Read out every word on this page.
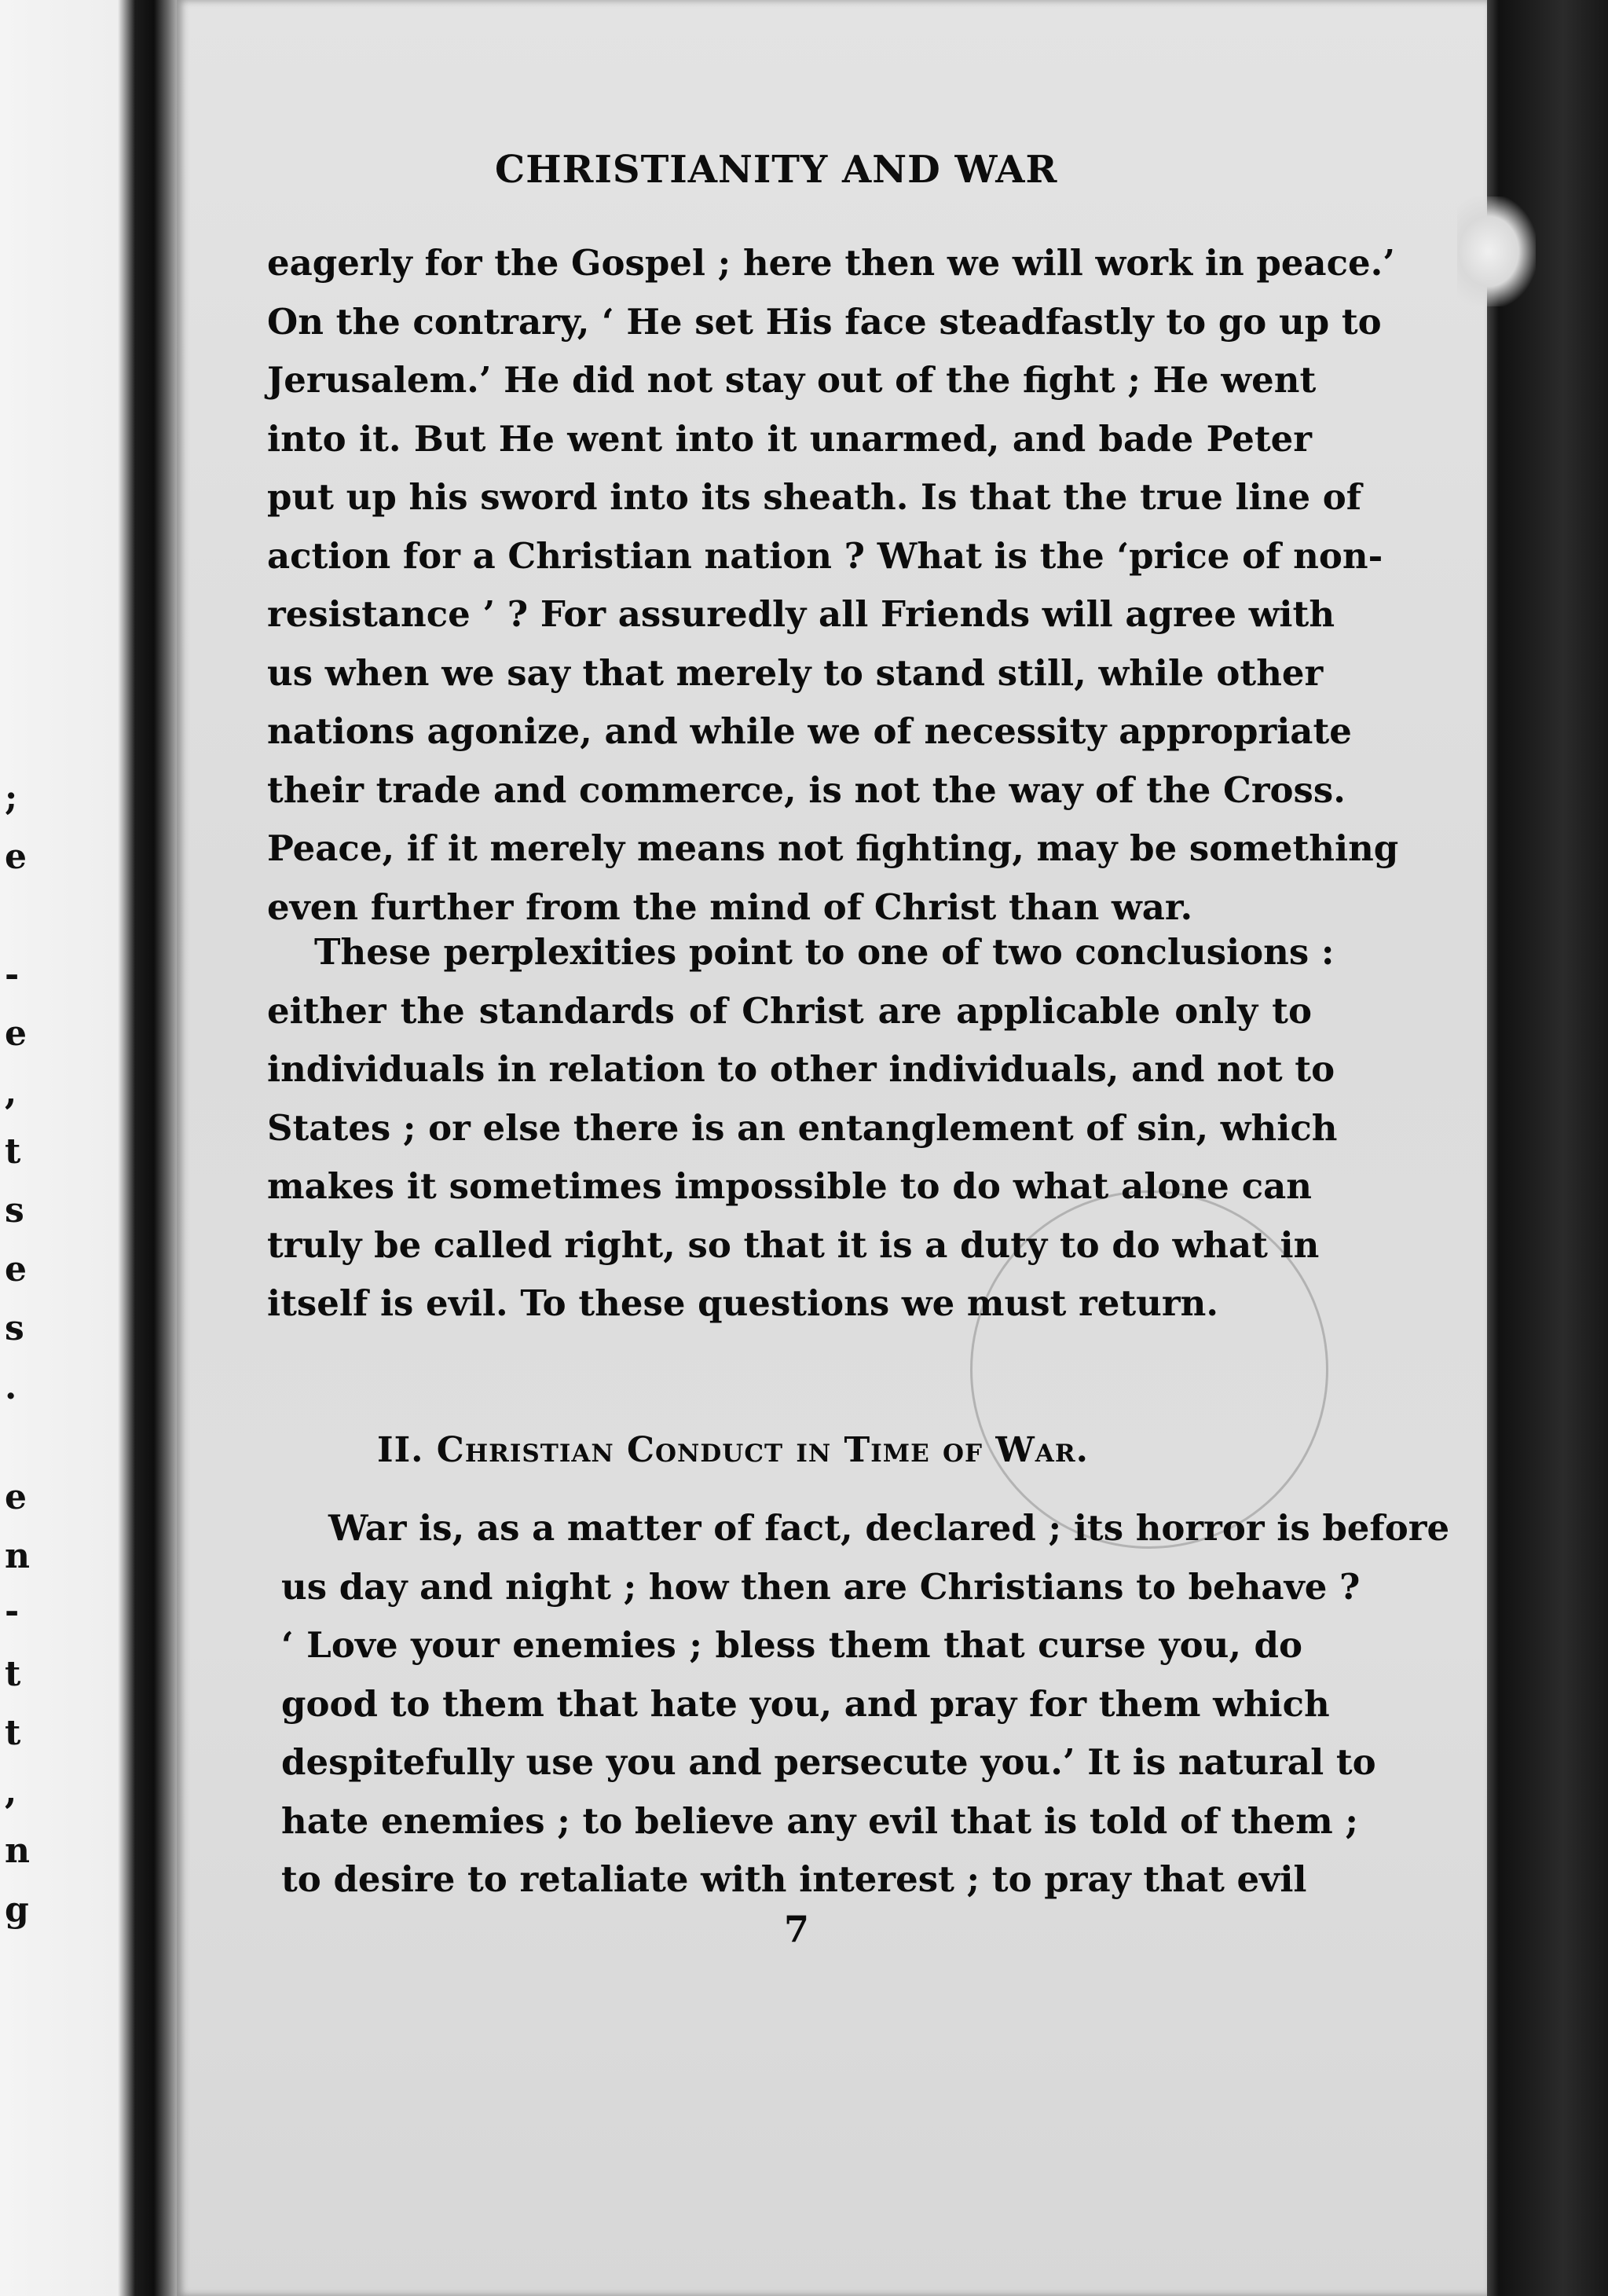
;
e
-
e
,
t
s
e
s
.
e
n
-
t
t
,
n
g
CHRISTIANITY AND WAR
eagerly for the Gospel ; here then we will work in peace.’
On the contrary, ‘ He set His face steadfastly to go up to
Jerusalem.’ He did not stay out of the fight ; He went
into it. But He went into it unarmed, and bade Peter
put up his sword into its sheath. Is that the true line of
action for a Christian nation ? What is the ‘price of non-
resistance ’ ? For assuredly all Friends will agree with
us when we say that merely to stand still, while other
nations agonize, and while we of necessity appropriate
their trade and commerce, is not the way of the Cross.
Peace, if it merely means not fighting, may be something
even further from the mind of Christ than war.
These perplexities point to one of two conclusions :
either the standards of Christ are applicable only to
individuals in relation to other individuals, and not to
States ; or else there is an entanglement of sin, which
makes it sometimes impossible to do what alone can
truly be called right, so that it is a duty to do what in
itself is evil. To these questions we must return.
II. Christian Conduct in Time of War.
War is, as a matter of fact, declared ; its horror is before
us day and night ; how then are Christians to behave ?
‘ Love your enemies ; bless them that curse you, do
good to them that hate you, and pray for them which
despitefully use you and persecute you.’ It is natural to
hate enemies ; to believe any evil that is told of them ;
to desire to retaliate with interest ; to pray that evil
7
